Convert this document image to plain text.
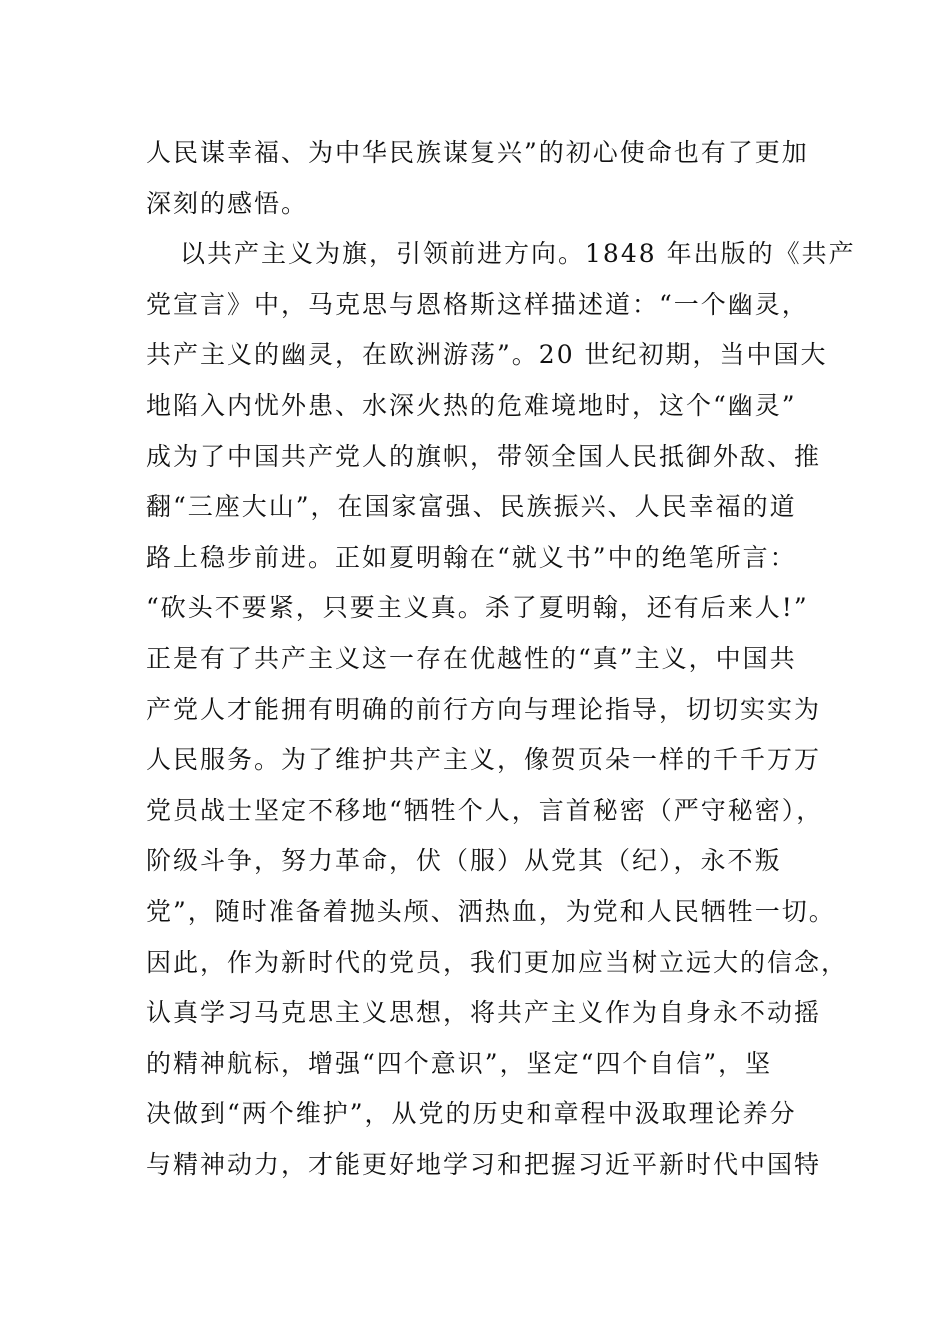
人民谋幸福、为中华民族谋复兴”的初心使命也有了更加
深刻的感悟。
以共产主义为旗，引领前进方向。1848 年出版的《共产
党宣言》中，马克思与恩格斯这样描述道：“一个幽灵，
共产主义的幽灵，在欧洲游荡”。20 世纪初期，当中国大
地陷入内忧外患、水深火热的危难境地时，这个“幽灵”
成为了中国共产党人的旗帜，带领全国人民抵御外敌、推
翻“三座大山”，在国家富强、民族振兴、人民幸福的道
路上稳步前进。正如夏明翰在“就义书”中的绝笔所言：
“砍头不要紧，只要主义真。杀了夏明翰，还有后来人!”
正是有了共产主义这一存在优越性的“真”主义，中国共
产党人才能拥有明确的前行方向与理论指导，切切实实为
人民服务。为了维护共产主义，像贺页朵一样的千千万万
党员战士坚定不移地“牺牲个人，言首秘密（严守秘密），
阶级斗争，努力革命，伏（服）从党其（纪），永不叛
党”，随时准备着抛头颅、洒热血，为党和人民牺牲一切。
因此，作为新时代的党员，我们更加应当树立远大的信念，
认真学习马克思主义思想，将共产主义作为自身永不动摇
的精神航标，增强“四个意识”，坚定“四个自信”，坚
决做到“两个维护”，从党的历史和章程中汲取理论养分
与精神动力，才能更好地学习和把握习近平新时代中国特
